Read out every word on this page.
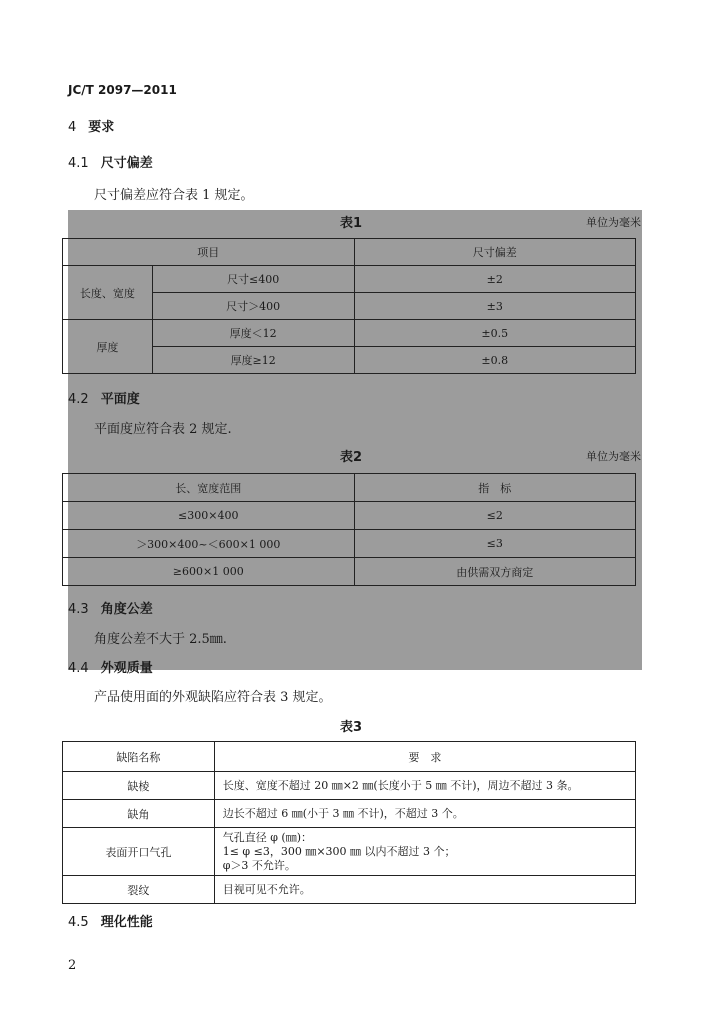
JC/T 2097—2011
4 要求
4.1 尺寸偏差
尺寸偏差应符合表 1 规定。
表1	单位为毫米
项目		尺寸偏差
长度、宽度	尺寸≤400	±2
	尺寸＞400	±3
厚度	厚度＜12	±0.5
	厚度≥12	±0.8
4.2 平面度
平面度应符合表 2 规定.
表2	单位为毫米
长、宽度范围	指　标
≤300×400	≤2
＞300×400~＜600×1 000	≤3
≥600×1 000	由供需双方商定
4.3 角度公差
角度公差不大于 2.5㎜.
4.4 外观质量
产品使用面的外观缺陷应符合表 3 规定。
表3
缺陷名称	要　求
缺棱	长度、宽度不超过 20 ㎜×2 ㎜(长度小于 5 ㎜ 不计)，周边不超过 3 条。

缺角	边长不超过 6 ㎜(小于 3 ㎜ 不计)，不超过 3 个。

表面开口气孔	气孔直径 φ (㎜)：
1≤ φ ≤3，300 ㎜×300 ㎜ 以内不超过 3 个；
φ＞3 不允许。

裂纹	目视可见不允许。
4.5 理化性能
2
